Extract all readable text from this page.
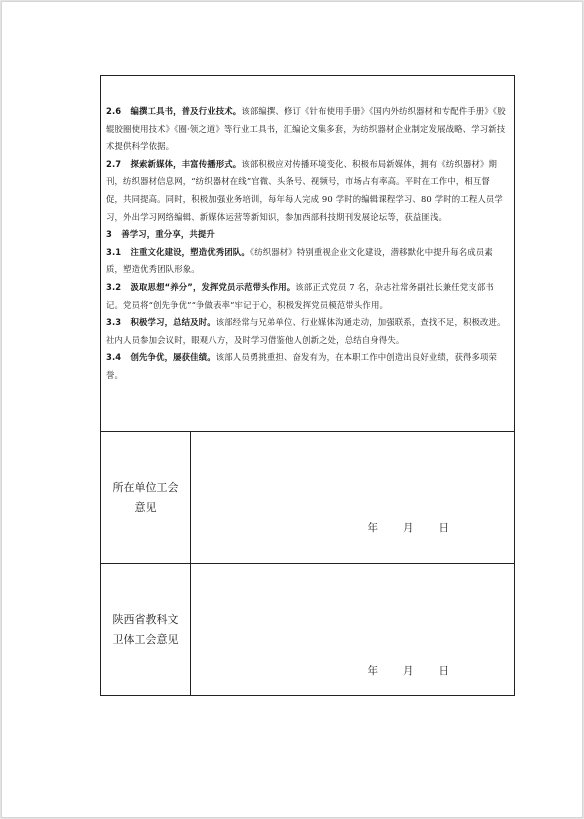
2.6 编撰工具书，普及行业技术。该部编撰、修订《针布使用手册》《国内外纺织器材和专配件手册》《胶辊胶圈使用技术》《圈·领之道》等行业工具书，汇编论文集多套，为纺织器材企业制定发展战略、学习新技术提供科学依据。

2.7 探索新媒体，丰富传播形式。该部积极应对传播环境变化、积极布局新媒体，拥有《纺织器材》期刊，纺织器材信息网，“纺织器材在线”官微、头条号、视频号，市场占有率高。平时在工作中，相互督促，共同提高。同时，积极加强业务培训，每年每人完成 90 学时的编辑课程学习、80 学时的工程人员学习，外出学习网络编辑、新媒体运营等新知识，参加西部科技期刊发展论坛等，获益匪浅。

3 善学习，重分享，共提升

3.1 注重文化建设，塑造优秀团队。《纺织器材》特别重视企业文化建设，潜移默化中提升每名成员素质，塑造优秀团队形象。

3.2 汲取思想“养分”，发挥党员示范带头作用。该部正式党员 7 名，杂志社常务副社长兼任党支部书记。党员将“创先争优”“争做表率”牢记于心，积极发挥党员模范带头作用。

3.3 积极学习，总结及时。该部经常与兄弟单位、行业媒体沟通走动，加强联系，查找不足，积极改进。社内人员参加会议时，眼观八方，及时学习借鉴他人创新之处，总结自身得失。

3.4 创先争优，屡获佳绩。该部人员勇挑重担、奋发有为，在本职工作中创造出良好业绩，获得多项荣誉。

所在单位工会
意见
年 月 日
陕西省教科文
卫体工会意见
年 月 日
